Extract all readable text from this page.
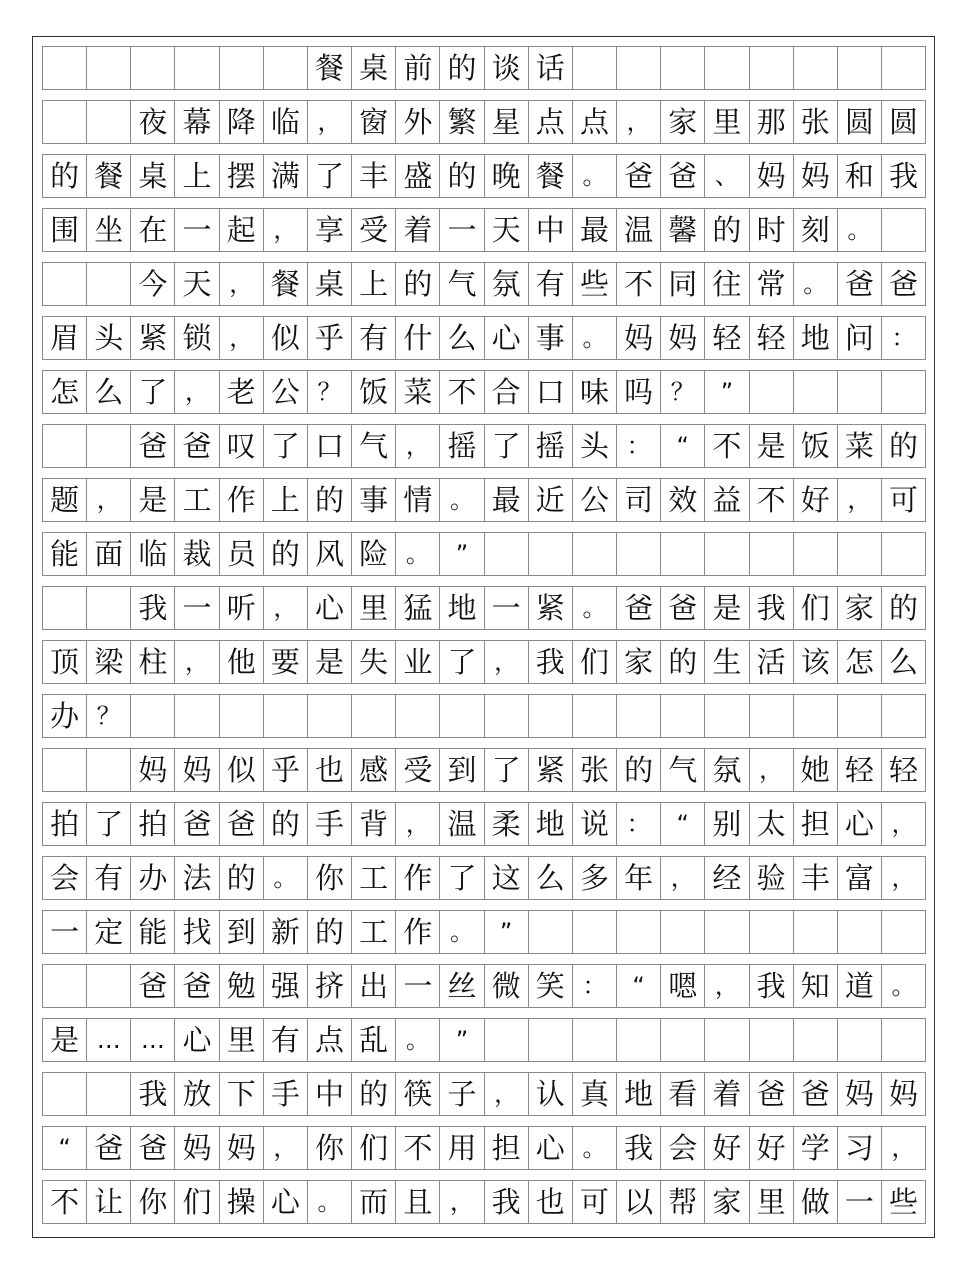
餐 桌 前 的 谈 话
夜 幕 降 临 ， 窗 外 繁 星 点 点 ， 家 里 那 张 圆 圆
的 餐 桌 上 摆 满 了 丰 盛 的 晚 餐 。 爸 爸 、 妈 妈 和 我
围 坐 在 一 起 ， 享 受 着 一 天 中 最 温 馨 的 时 刻 。
今 天 ， 餐 桌 上 的 气 氛 有 些 不 同 往 常 。 爸 爸
眉 头 紧 锁 ， 似 乎 有 什 么 心 事 。 妈 妈 轻 轻 地 问 ：
怎 么 了 ， 老 公 ？ 饭 菜 不 合 口 味 吗 ？	”
爸 爸 叹 了 口 气 ， 摇 了 摇 头 ：	“ 不 是 饭 菜 的
题 ， 是 工 作 上 的 事 情 。 最 近 公 司 效 益 不 好 ， 可
能 面 临 裁 员 的 风 险 。	”
我 一 听 ， 心 里 猛 地 一 紧 。 爸 爸 是 我 们 家 的
顶 梁 柱 ， 他 要 是 失 业 了 ， 我 们 家 的 生 活 该 怎 么
办 ？
妈 妈 似 乎 也 感 受 到 了 紧 张 的 气 氛 ， 她 轻 轻
拍 了 拍 爸 爸 的 手 背 ， 温 柔 地 说 ：	“ 别 太 担 心 ，
会 有 办 法 的 。 你 工 作 了 这 么 多 年 ， 经 验 丰 富 ，
一 定 能 找 到 新 的 工 作 。	”
爸 爸 勉 强 挤 出 一 丝 微 笑 ：	“ 嗯 ， 我 知 道 。
是 … … 心 里 有 点 乱 。	”
我 放 下 手 中 的 筷 子 ， 认 真 地 看 着 爸 爸 妈 妈
“ 爸 爸 妈 妈 ， 你 们 不 用 担 心 。 我 会 好 好 学 习 ，
不 让 你 们 操 心 。 而 且 ， 我 也 可 以 帮 家 里 做 一 些
